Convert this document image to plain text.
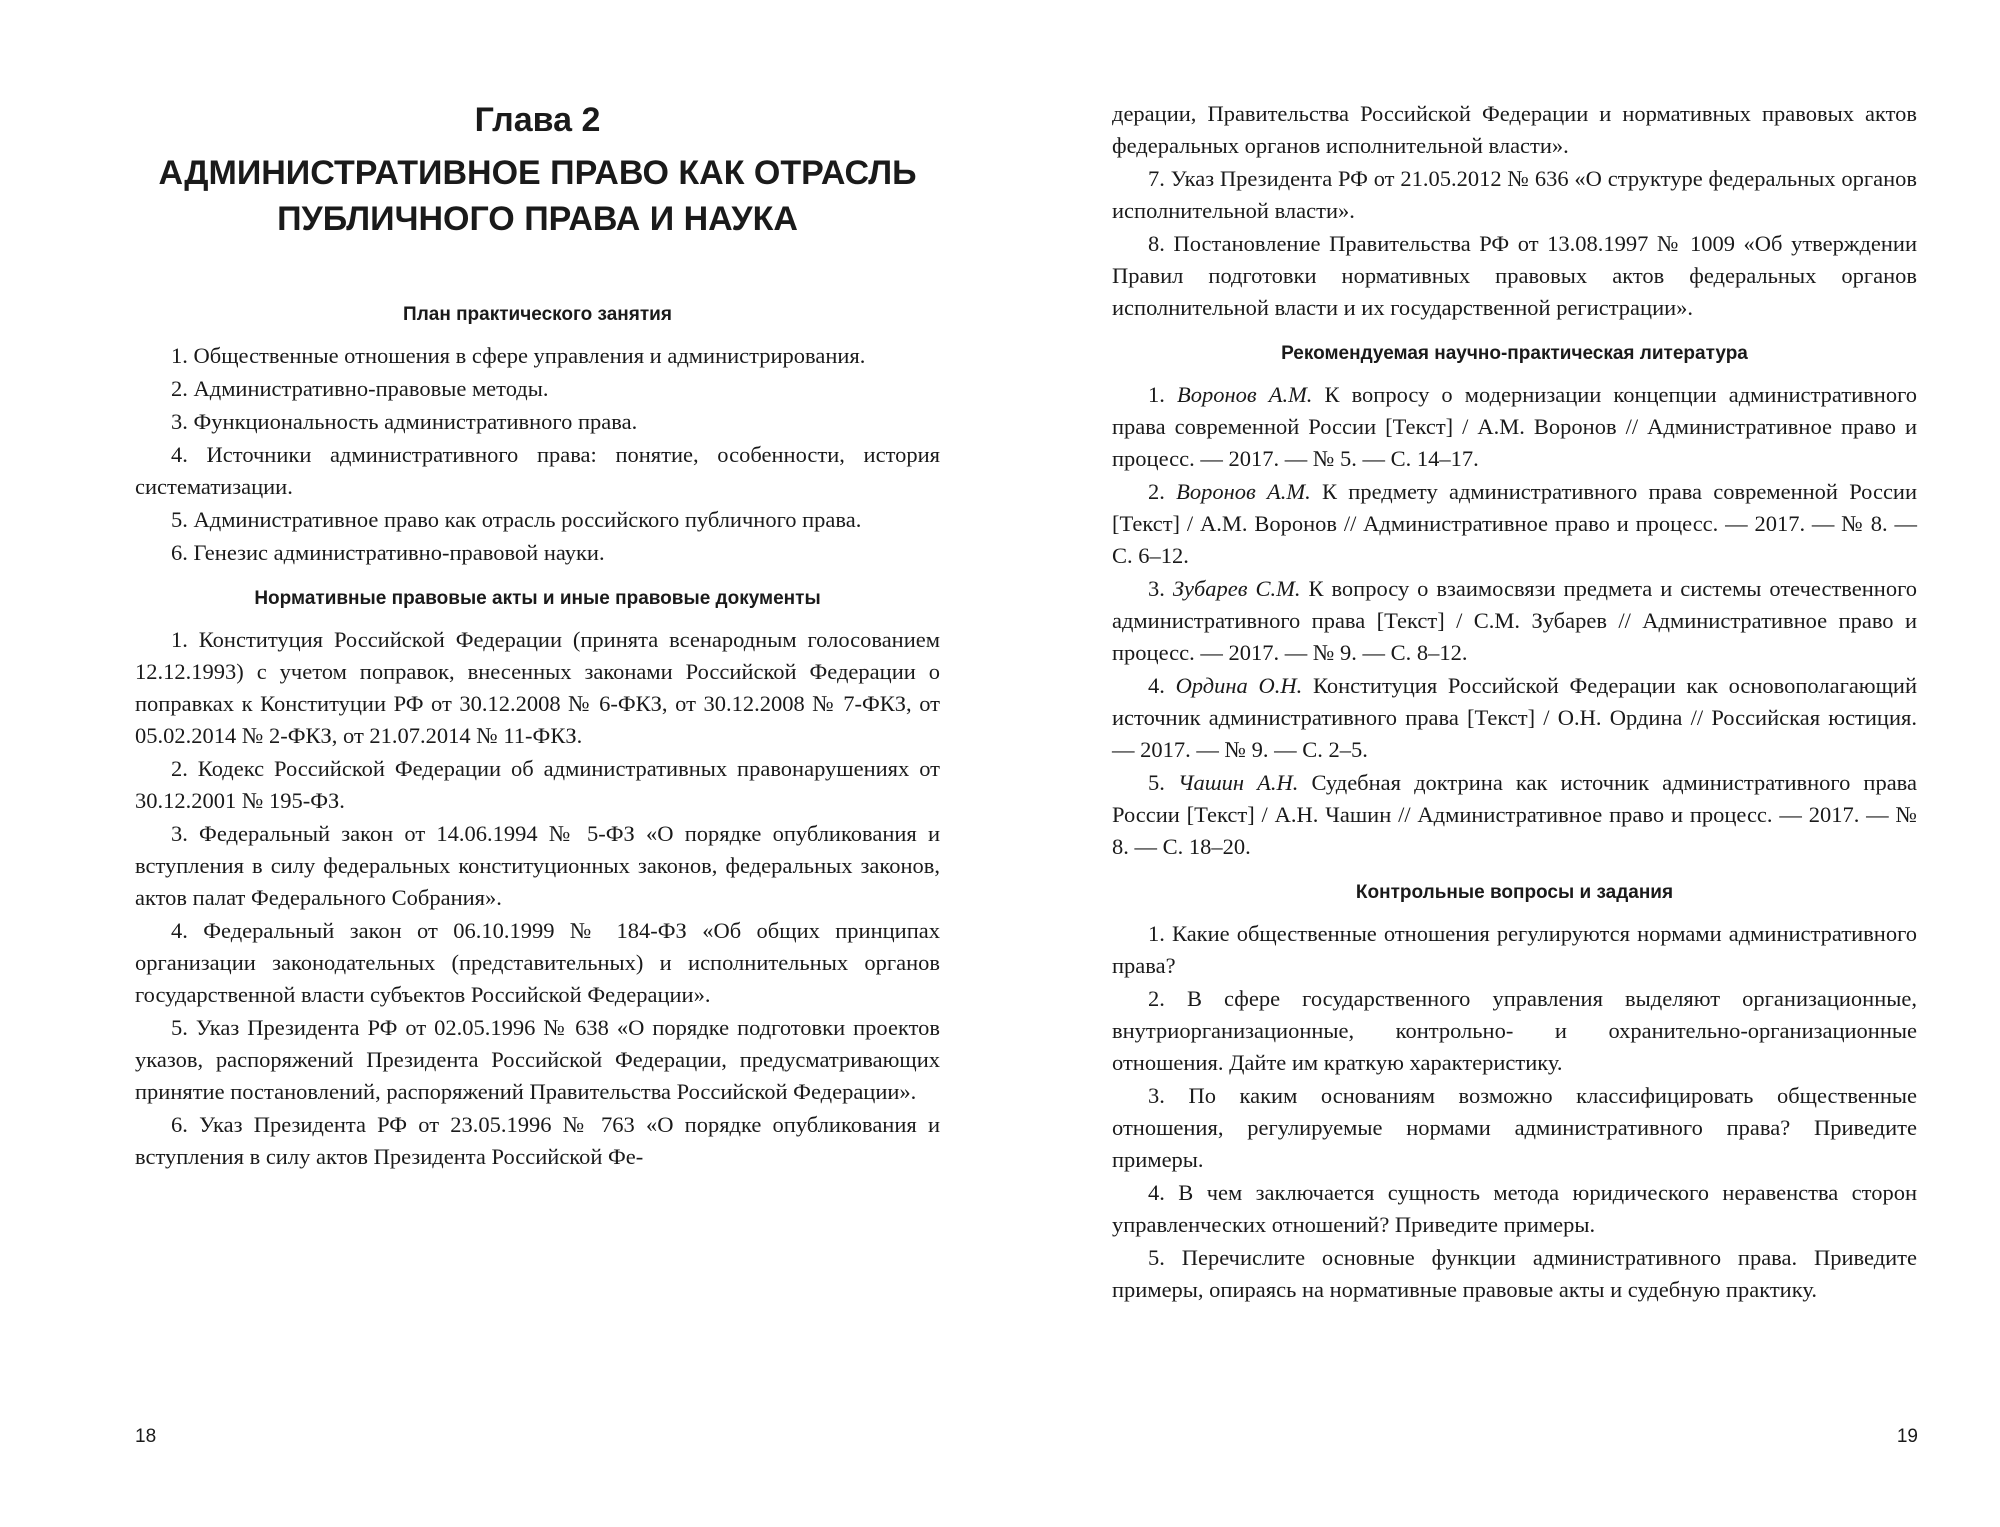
Глава 2
АДМИНИСТРАТИВНОЕ ПРАВО КАК ОТРАСЛЬ
ПУБЛИЧНОГО ПРАВА И НАУКА
План практического занятия

1. Общественные отношения в сфере управления и администрирования.

2. Административно-правовые методы.

3. Функциональность административного права.

4. Источники административного права: понятие, особенности, история систематизации.

5. Административное право как отрасль российского публичного права.

6. Генезис административно-правовой науки.

Нормативные правовые акты и иные правовые документы

1. Конституция Российской Федерации (принята всенародным голосованием 12.12.1993) с учетом поправок, внесенных законами Российской Федерации о поправках к Конституции РФ от 30.12.2008 № 6-ФКЗ, от 30.12.2008 № 7-ФКЗ, от 05.02.2014 № 2-ФКЗ, от 21.07.2014 № 11-ФКЗ.

2. Кодекс Российской Федерации об административных правонарушениях от 30.12.2001 № 195-ФЗ.

3. Федеральный закон от 14.06.1994 № 5-ФЗ «О порядке опубликования и вступления в силу федеральных конституционных законов, федеральных законов, актов палат Федерального Собрания».

4. Федеральный закон от 06.10.1999 № 184-ФЗ «Об общих принципах организации законодательных (представительных) и исполнительных органов государственной власти субъектов Российской Федерации».

5. Указ Президента РФ от 02.05.1996 № 638 «О порядке подготовки проектов указов, распоряжений Президента Российской Федерации, предусматривающих принятие постановлений, распоряжений Правительства Российской Федерации».

6. Указ Президента РФ от 23.05.1996 № 763 «О порядке опубликования и вступления в силу актов Президента Российской Фе-

18

дерации, Правительства Российской Федерации и нормативных правовых актов федеральных органов исполнительной власти».

7. Указ Президента РФ от 21.05.2012 № 636 «О структуре федеральных органов исполнительной власти».

8. Постановление Правительства РФ от 13.08.1997 № 1009 «Об утверждении Правил подготовки нормативных правовых актов федеральных органов исполнительной власти и их государственной регистрации».

Рекомендуемая научно-практическая литература

1. Воронов А.М. К вопросу о модернизации концепции административного права современной России [Текст] / А.М. Воронов // Административное право и процесс. — 2017. — № 5. — С. 14–17.

2. Воронов А.М. К предмету административного права современной России [Текст] / А.М. Воронов // Административное право и процесс. — 2017. — № 8. — С. 6–12.

3. Зубарев С.М. К вопросу о взаимосвязи предмета и системы отечественного административного права [Текст] / С.М. Зубарев // Административное право и процесс. — 2017. — № 9. — С. 8–12.

4. Ордина О.Н. Конституция Российской Федерации как основополагающий источник административного права [Текст] / О.Н. Ордина // Российская юстиция. — 2017. — № 9. — С. 2–5.

5. Чашин А.Н. Судебная доктрина как источник административного права России [Текст] / А.Н. Чашин // Административное право и процесс. — 2017. — № 8. — С. 18–20.

Контрольные вопросы и задания

1. Какие общественные отношения регулируются нормами административного права?

2. В сфере государственного управления выделяют организационные, внутриорганизационные, контрольно- и охранительно-организационные отношения. Дайте им краткую характеристику.

3. По каким основаниям возможно классифицировать общественные отношения, регулируемые нормами административного права? Приведите примеры.

4. В чем заключается сущность метода юридического неравенства сторон управленческих отношений? Приведите примеры.

5. Перечислите основные функции административного права. Приведите примеры, опираясь на нормативные правовые акты и судебную практику.

19
